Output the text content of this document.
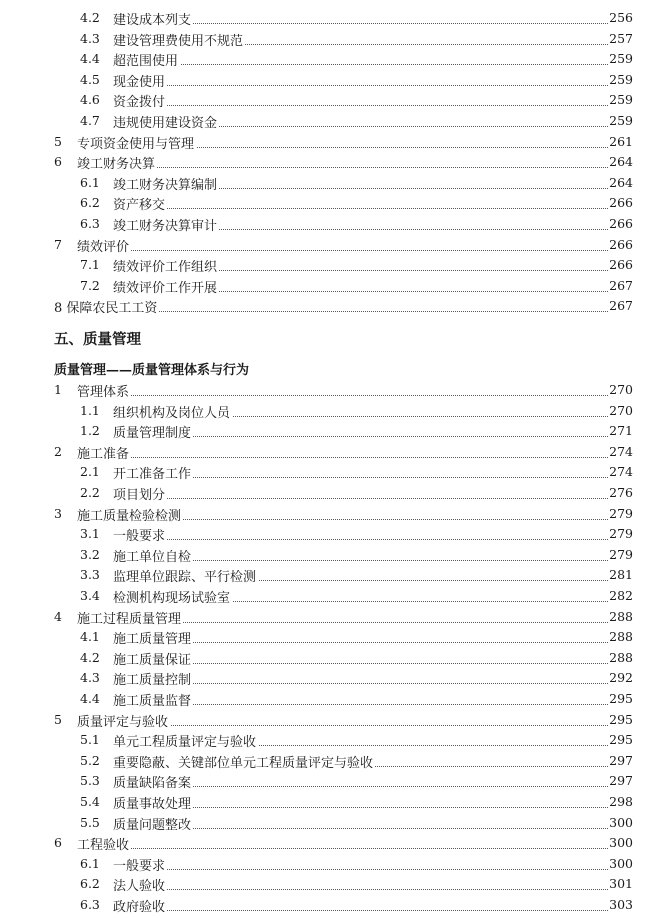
4.2 建设成本列支	256
4.3 建设管理费使用不规范	257
4.4 超范围使用	259
4.5 现金使用	259
4.6 资金拨付	259
4.7 违规使用建设资金	259
5 专项资金使用与管理	261
6 竣工财务决算	264
6.1 竣工财务决算编制	264
6.2 资产移交	266
6.3 竣工财务决算审计	266
7 绩效评价	266
7.1 绩效评价工作组织	266
7.2 绩效评价工作开展	267
8 保障农民工工资	267
五、质量管理
质量管理——质量管理体系与行为
1 管理体系	270
1.1 组织机构及岗位人员	270
1.2 质量管理制度	271
2 施工准备	274
2.1 开工准备工作	274
2.2 项目划分	276
3 施工质量检验检测	279
3.1 一般要求	279
3.2 施工单位自检	279
3.3 监理单位跟踪、平行检测	281
3.4 检测机构现场试验室	282
4 施工过程质量管理	288
4.1 施工质量管理	288
4.2 施工质量保证	288
4.3 施工质量控制	292
4.4 施工质量监督	295
5 质量评定与验收	295
5.1 单元工程质量评定与验收	295
5.2 重要隐蔽、关键部位单元工程质量评定与验收	297
5.3 质量缺陷备案	297
5.4 质量事故处理	298
5.5 质量问题整改	300
6 工程验收	300
6.1 一般要求	300
6.2 法人验收	301
6.3 政府验收	303
